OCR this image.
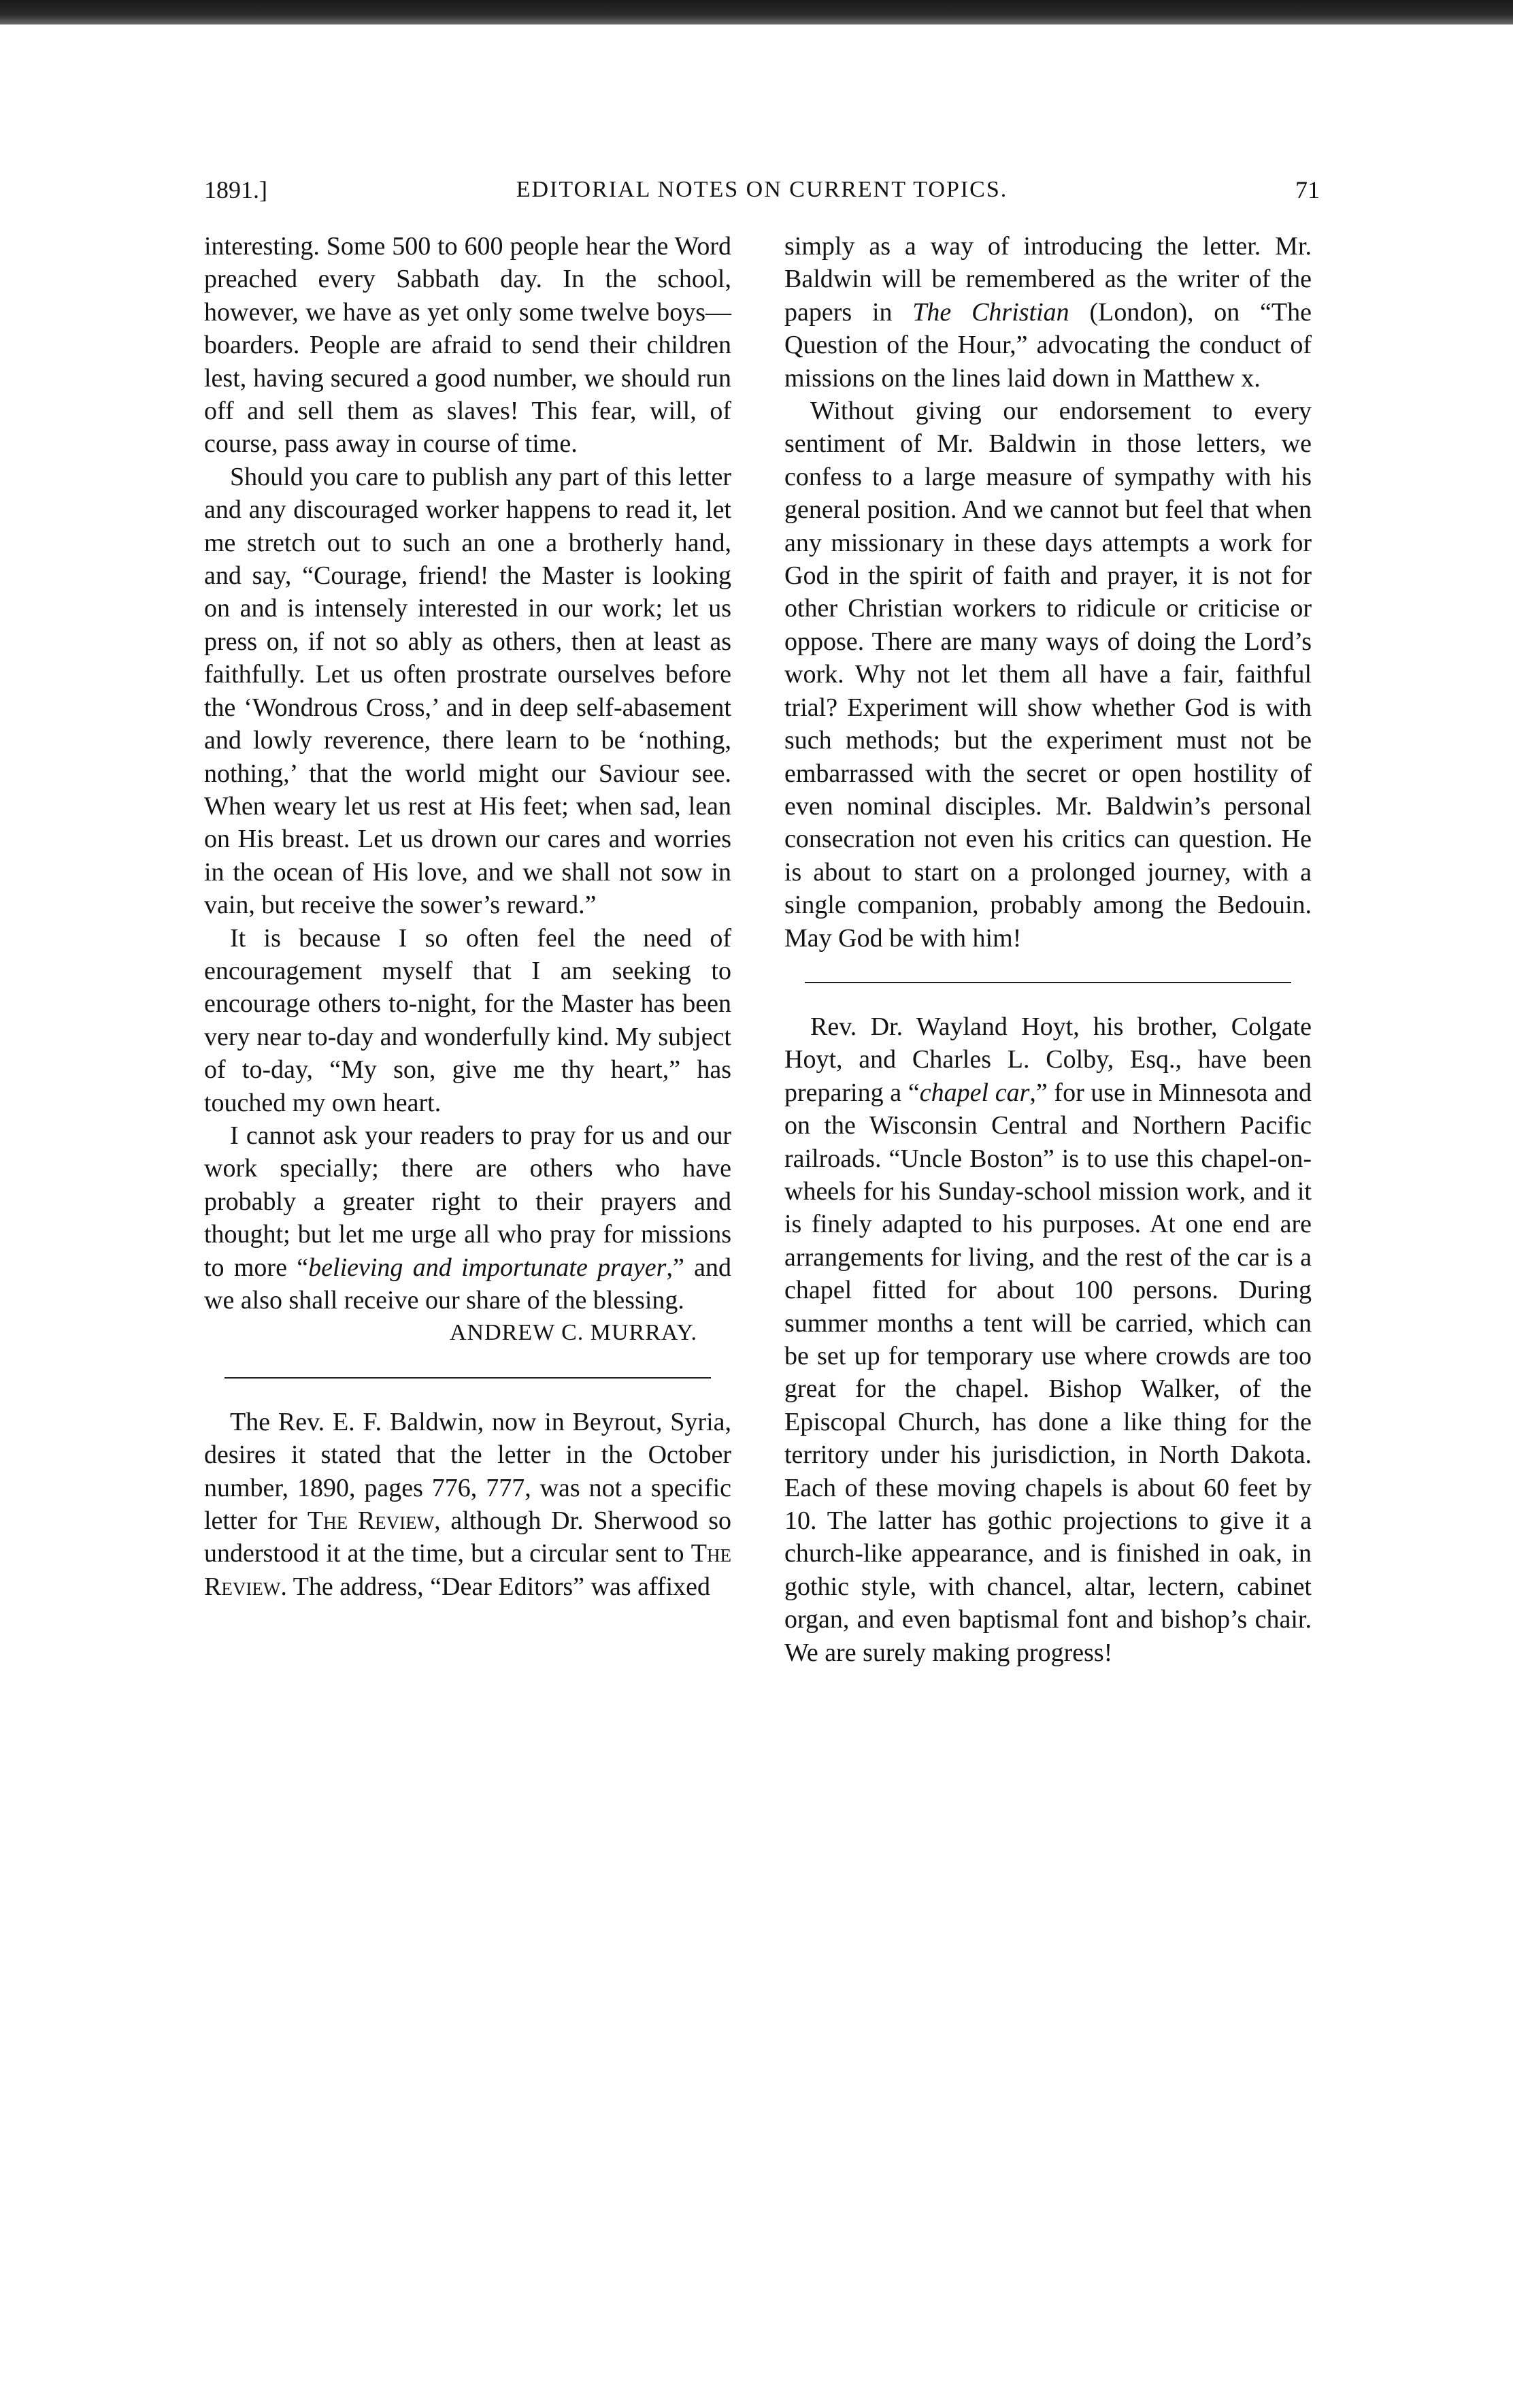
1891.]	EDITORIAL NOTES ON CURRENT TOPICS.	71

interesting. Some 500 to 600 people hear the Word preached every Sabbath day. In the school, however, we have as yet only some twelve boys—boarders. People are afraid to send their children lest, having secured a good number, we should run off and sell them as slaves! This fear, will, of course, pass away in course of time.

Should you care to publish any part of this letter and any discouraged worker happens to read it, let me stretch out to such an one a brotherly hand, and say, “Courage, friend! the Master is looking on and is intensely interested in our work; let us press on, if not so ably as others, then at least as faithfully. Let us often prostrate ourselves before the ‘Wondrous Cross,’ and in deep self-abasement and lowly reverence, there learn to be ‘nothing, nothing,’ that the world might our Saviour see. When weary let us rest at His feet; when sad, lean on His breast. Let us drown our cares and worries in the ocean of His love, and we shall not sow in vain, but receive the sower’s reward.”

It is because I so often feel the need of encouragement myself that I am seeking to encourage others to-night, for the Master has been very near to-day and wonderfully kind. My subject of to-day, “My son, give me thy heart,” has touched my own heart.

I cannot ask your readers to pray for us and our work specially; there are others who have probably a greater right to their prayers and thought; but let me urge all who pray for missions to more “believing and importunate prayer,” and we also shall receive our share of the blessing.

ANDREW C. MURRAY.

The Rev. E. F. Baldwin, now in Beyrout, Syria, desires it stated that the letter in the October number, 1890, pages 776, 777, was not a specific letter for The Review, although Dr. Sherwood so understood it at the time, but a circular sent to The Review. The address, “Dear Editors” was affixed

simply as a way of introducing the letter. Mr. Baldwin will be remembered as the writer of the papers in The Christian (London), on “The Question of the Hour,” advocating the conduct of missions on the lines laid down in Matthew x.

Without giving our endorsement to every sentiment of Mr. Baldwin in those letters, we confess to a large measure of sympathy with his general position. And we cannot but feel that when any missionary in these days attempts a work for God in the spirit of faith and prayer, it is not for other Christian workers to ridicule or criticise or oppose. There are many ways of doing the Lord’s work. Why not let them all have a fair, faithful trial? Experiment will show whether God is with such methods; but the experiment must not be embarrassed with the secret or open hostility of even nominal disciples. Mr. Baldwin’s personal consecration not even his critics can question. He is about to start on a prolonged journey, with a single companion, probably among the Bedouin. May God be with him!

Rev. Dr. Wayland Hoyt, his brother, Colgate Hoyt, and Charles L. Colby, Esq., have been preparing a “chapel car,” for use in Minnesota and on the Wisconsin Central and Northern Pacific railroads. “Uncle Boston” is to use this chapel-on-wheels for his Sunday-school mission work, and it is finely adapted to his purposes. At one end are arrangements for living, and the rest of the car is a chapel fitted for about 100 persons. During summer months a tent will be carried, which can be set up for temporary use where crowds are too great for the chapel. Bishop Walker, of the Episcopal Church, has done a like thing for the territory under his jurisdiction, in North Dakota. Each of these moving chapels is about 60 feet by 10. The latter has gothic projections to give it a church-like appearance, and is finished in oak, in gothic style, with chancel, altar, lectern, cabinet organ, and even baptismal font and bishop’s chair. We are surely making progress!
